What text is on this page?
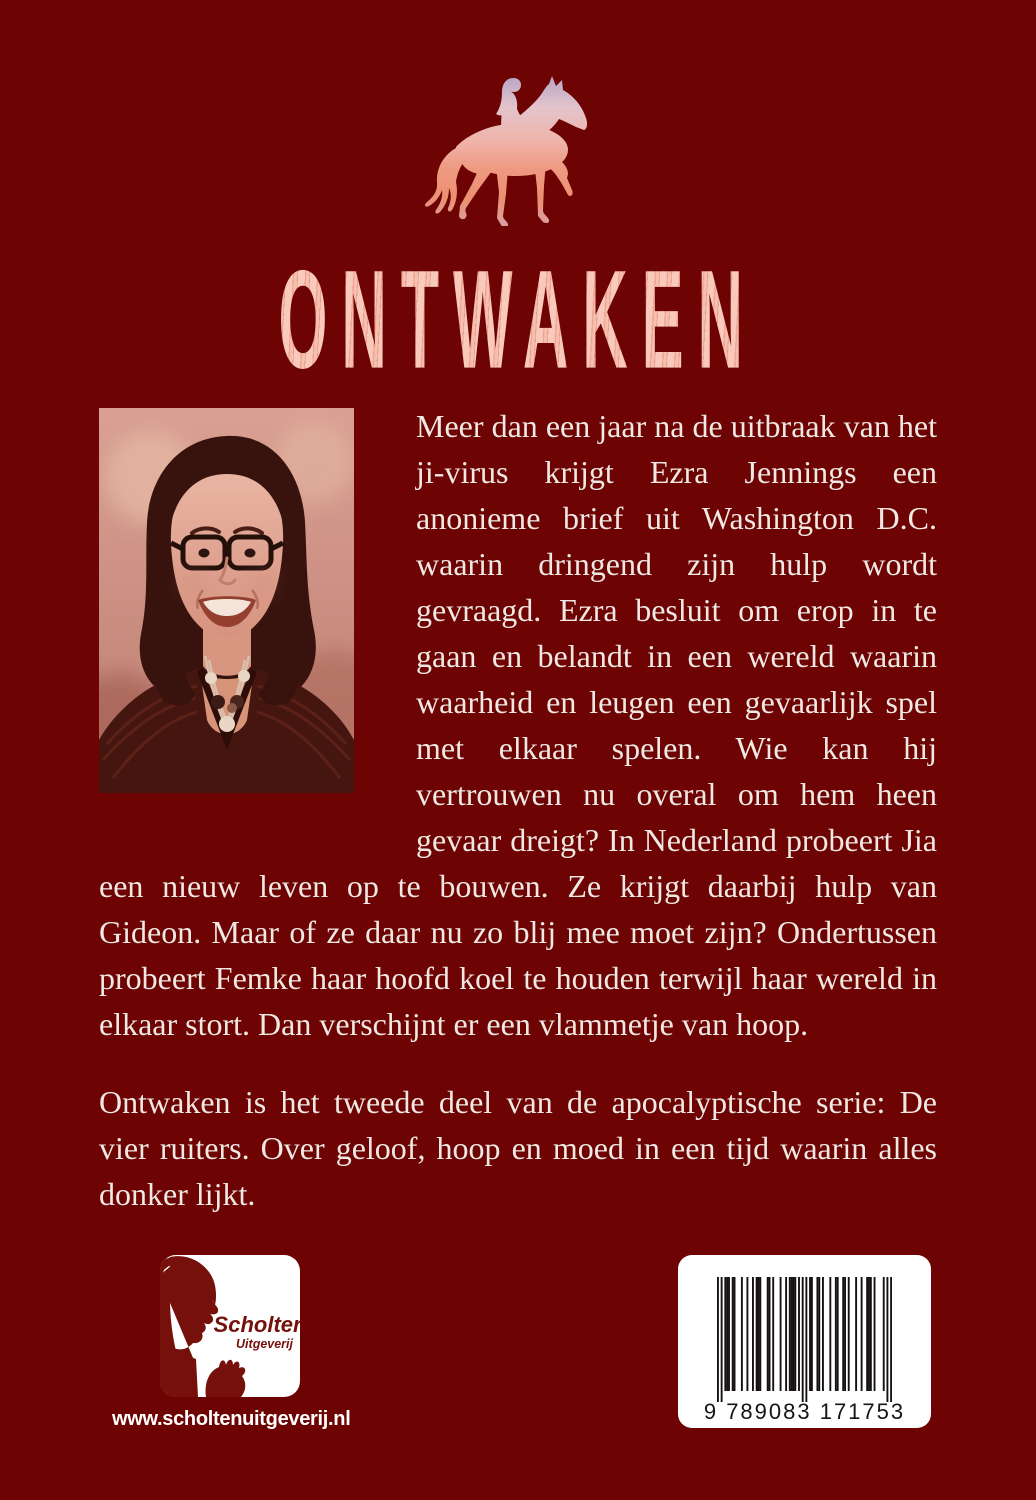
ONTWAKEN

Meer dan een jaar na de uitbraak van het ji-virus krijgt Ezra Jennings een anonieme brief uit Washington D.C. waarin dringend zijn hulp wordt gevraagd. Ezra besluit om erop in te gaan en belandt in een wereld waarin waarheid en leugen een gevaarlijk spel met elkaar spelen. Wie kan hij vertrouwen nu overal om hem heen gevaar dreigt? In Nederland probeert Jia een nieuw leven op te bouwen. Ze krijgt daarbij hulp van Gideon. Maar of ze daar nu zo blij mee moet zijn? Ondertussen probeert Femke haar hoofd koel te houden terwijl haar wereld in elkaar stort. Dan verschijnt er een vlammetje van hoop.

Ontwaken is het tweede deel van de apocalyptische serie: De vier ruiters. Over geloof, hoop en moed in een tijd waarin alles donker lijkt.

Scholten
Uitgeverij
www.scholtenuitgeverij.nl	9 789083 171753
